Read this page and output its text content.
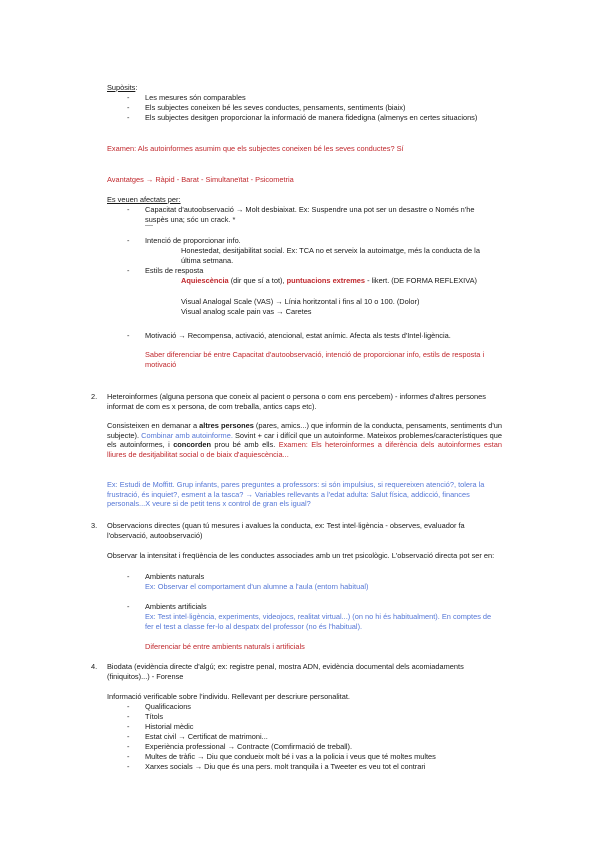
Supòsits:
- Les mesures són comparables
- Els subjectes coneixen bé les seves conductes, pensaments, sentiments (biaix)
- Els subjectes desitgen proporcionar la informació de manera fidedigna (almenys en certes situacions)
Examen: Als autoinformes asumim que els subjectes coneixen bé les seves conductes? Sí
Avantatges → Ràpid - Barat - Simultaneïtat - Psicometria
Es veuen afectats per:
- Capacitat d'autoobservació → Molt desbiaixat. Ex: Suspendre una pot ser un desastre o Només n'he suspès una; sóc un crack. *
----
- Intenció de proporcionar info.
Honestedat, desitjabilitat social. Ex: TCA no et serveix la autoimatge, més la conducta de la última setmana.
- Estils de resposta
Aquiescència (dir que sí a tot), puntuacions extremes - likert. (DE FORMA REFLEXIVA)
Visual Analogal Scale (VAS) → Línia horitzontal i fins al 10 o 100. (Dolor)
Visual analog scale pain vas → Caretes
- Motivació → Recompensa, activació, atencional, estat anímic. Afecta als tests d'Intel·ligència.
Saber diferenciar bé entre Capacitat d'autoobservació, intenció de proporcionar info, estils de resposta i motivació
2. Heteroinformes (alguna persona que coneix al pacient o persona o com ens percebem) - informes d'altres persones informat de com es x persona, de com treballa, antics caps etc).
Consisteixen en demanar a altres persones (pares, amics...) que informin de la conducta, pensaments, sentiments d'un subjecte). Combinar amb autoinforme. Sovint + car i difícil que un autoinforme. Mateixos problemes/característiques que els autoinformes, i concorden prou bé amb ells. Examen: Els heteroinformes a diferència dels autoinformes estan lliures de desitjabilitat social o de biaix d'aquiescència...
Ex: Estudi de Moffitt. Grup infants, pares preguntes a professors: si són impulsius, si requereixen atenció?, tolera la frustració, és inquiet?, esment a la tasca? → Variables rellevants a l'edat adulta: Salut física, addicció, finances personals...X veure si de petit tens x control de gran els igual?
3. Observacions directes (quan tú mesures i avalues la conducta, ex: Test intel·ligència - observes, evaluador fa l'observació, autoobservació)
Observar la intensitat i freqüència de les conductes associades amb un tret psicològic. L'observació directa pot ser en:
- Ambients naturals
Ex: Observar el comportament d'un alumne a l'aula (entorn habitual)
- Ambients artificials
Ex: Test intel·ligència, experiments, videojocs, realitat virtual...) (on no hi és habitualment). En comptes de fer el test a classe fer-lo al despatx del professor (no és l'habitual).
Diferenciar bé entre ambients naturals i artificials
4. Biodata (evidència directe d'algú; ex: registre penal, mostra ADN, evidència documental dels acomiadaments (finiquitos)...) - Forense
Informació verificable sobre l'individu. Rellevant per descriure personalitat.
- Qualificacions
- Títols
- Historial mèdic
- Estat civil → Certificat de matrimoni...
- Experiència professional → Contracte (Comfirmació de treball).
- Multes de tràfic → Diu que condueix molt bé i vas a la policia i veus que té moltes multes
- Xarxes socials → Diu que és una pers. molt tranquila i a Tweeter es veu tot el contrari
